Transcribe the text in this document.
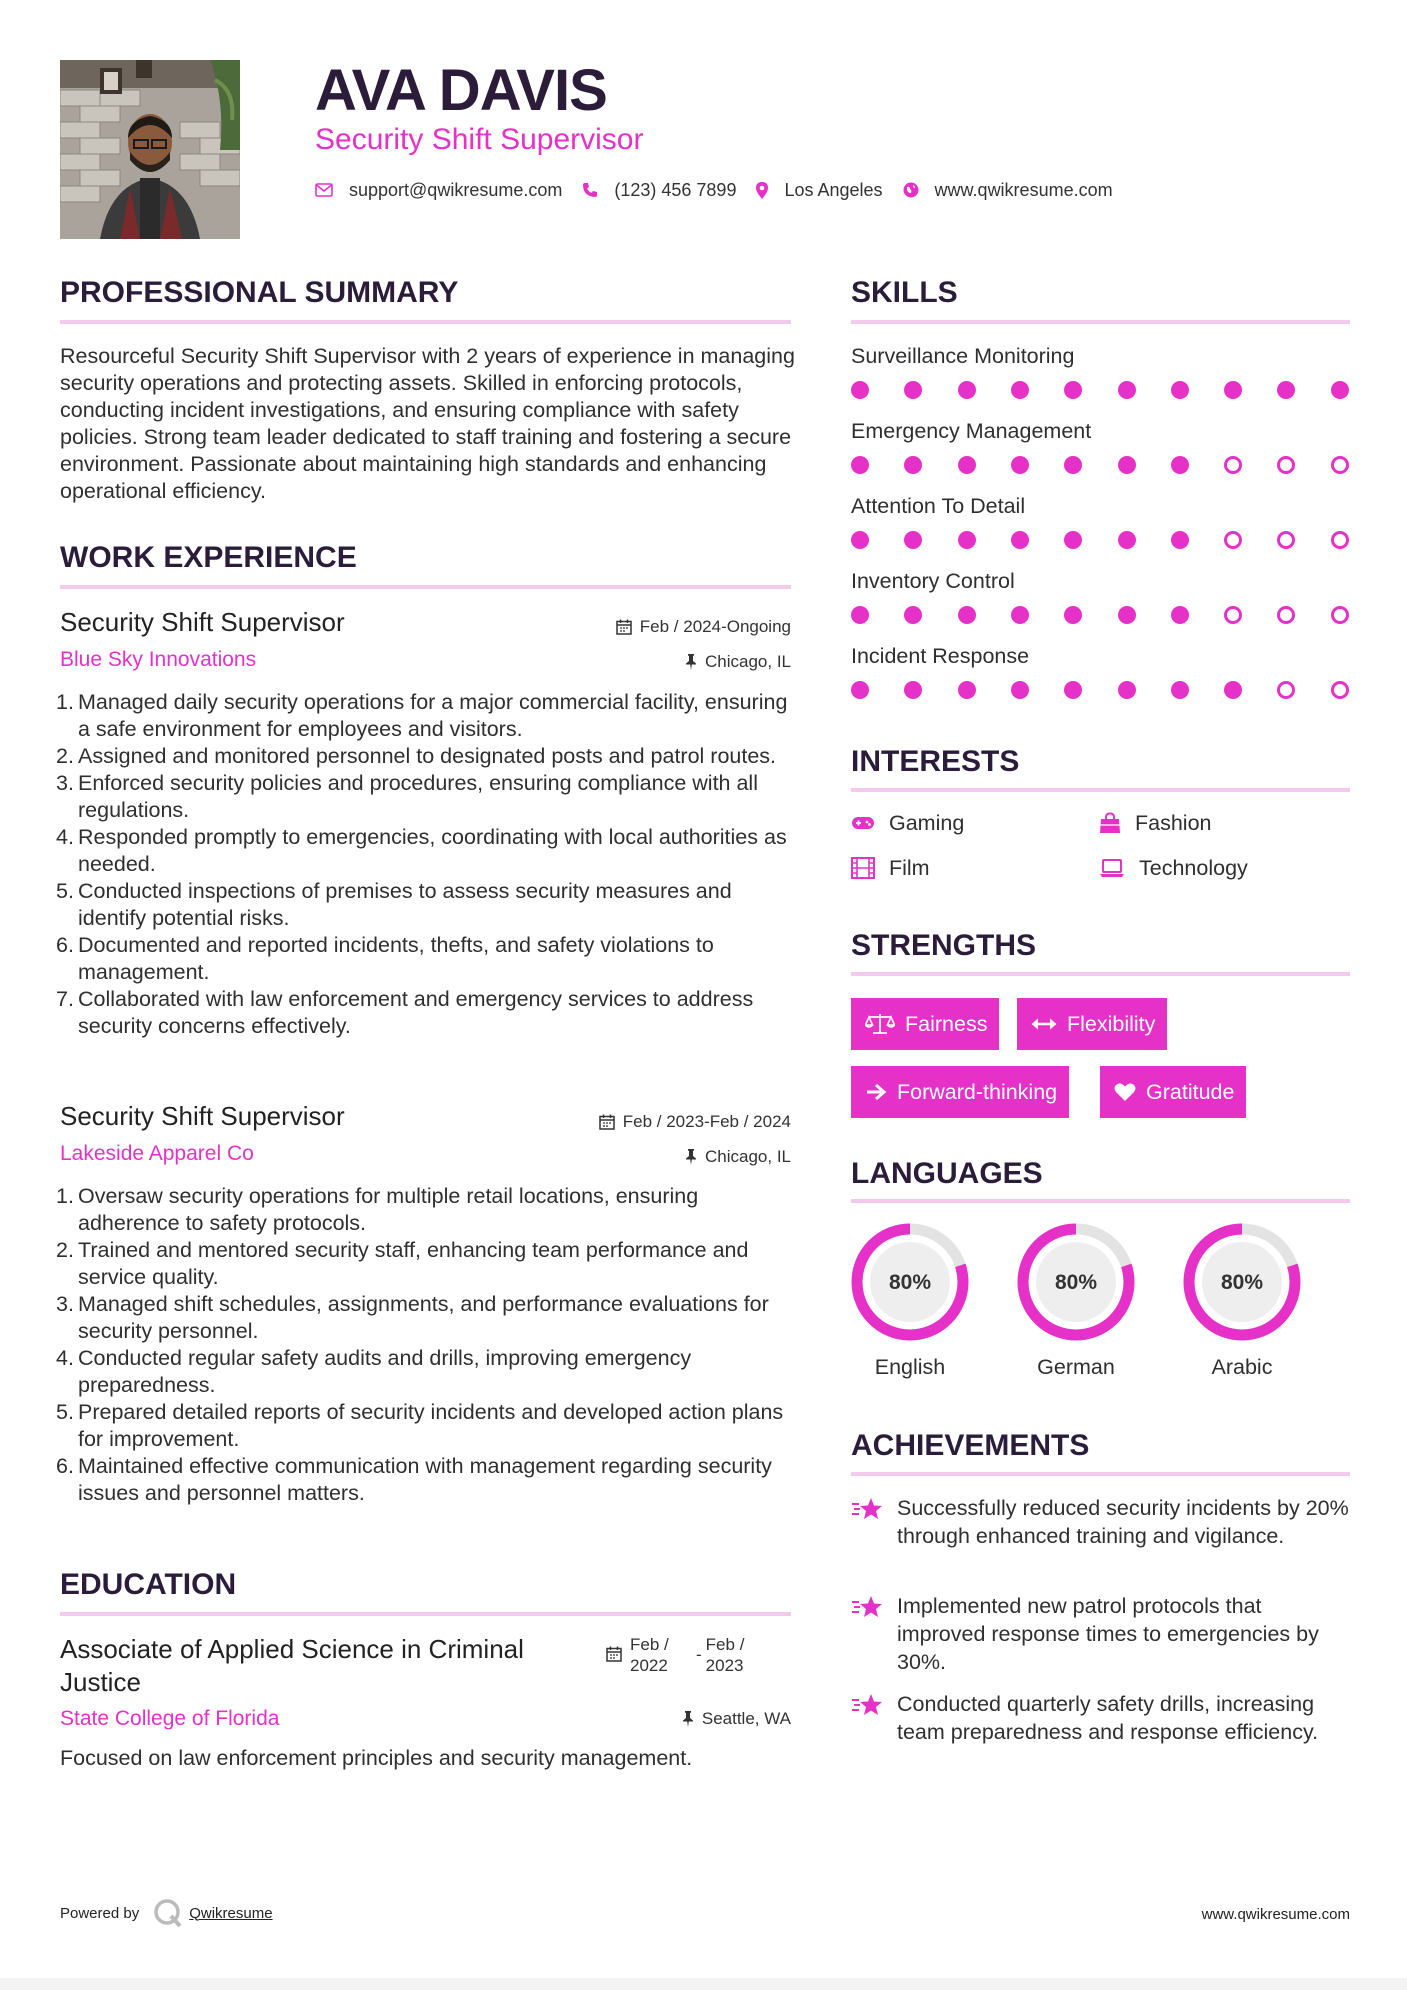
AVA DAVIS
Security Shift Supervisor
support@qwikresume.com	(123) 456 7899	Los Angeles	www.qwikresume.com
PROFESSIONAL SUMMARY
Resourceful Security Shift Supervisor with 2 years of experience in managing security operations and protecting assets. Skilled in enforcing protocols, conducting incident investigations, and ensuring compliance with safety policies. Strong team leader dedicated to staff training and fostering a secure environment. Passionate about maintaining high standards and enhancing operational efficiency.
WORK EXPERIENCE
Security Shift Supervisor	Feb / 2024-Ongoing
Blue Sky Innovations	Chicago, IL
1. Managed daily security operations for a major commercial facility, ensuring a safe environment for employees and visitors.
2. Assigned and monitored personnel to designated posts and patrol routes.
3. Enforced security policies and procedures, ensuring compliance with all regulations.
4. Responded promptly to emergencies, coordinating with local authorities as needed.
5. Conducted inspections of premises to assess security measures and identify potential risks.
6. Documented and reported incidents, thefts, and safety violations to management.
7. Collaborated with law enforcement and emergency services to address security concerns effectively.
Security Shift Supervisor	Feb / 2023-Feb / 2024
Lakeside Apparel Co	Chicago, IL
1. Oversaw security operations for multiple retail locations, ensuring adherence to safety protocols.
2. Trained and mentored security staff, enhancing team performance and service quality.
3. Managed shift schedules, assignments, and performance evaluations for security personnel.
4. Conducted regular safety audits and drills, improving emergency preparedness.
5. Prepared detailed reports of security incidents and developed action plans for improvement.
6. Maintained effective communication with management regarding security issues and personnel matters.
EDUCATION
Associate of Applied Science in Criminal Justice
Feb / 2022
-
Feb / 2023
State College of Florida	Seattle, WA
Focused on law enforcement principles and security management.
SKILLS
Surveillance Monitoring
Emergency Management
Attention To Detail
Inventory Control
Incident Response
INTERESTS
Gaming	Fashion
Film	Technology
STRENGTHS
Fairness	Flexibility
Forward-thinking	Gratitude
LANGUAGES
80%
English
80%
German
80%
Arabic
ACHIEVEMENTS
Successfully reduced security incidents by 20% through enhanced training and vigilance.
Implemented new patrol protocols that improved response times to emergencies by 30%.
Conducted quarterly safety drills, increasing team preparedness and response efficiency.
Powered by	Qwikresume	www.qwikresume.com
